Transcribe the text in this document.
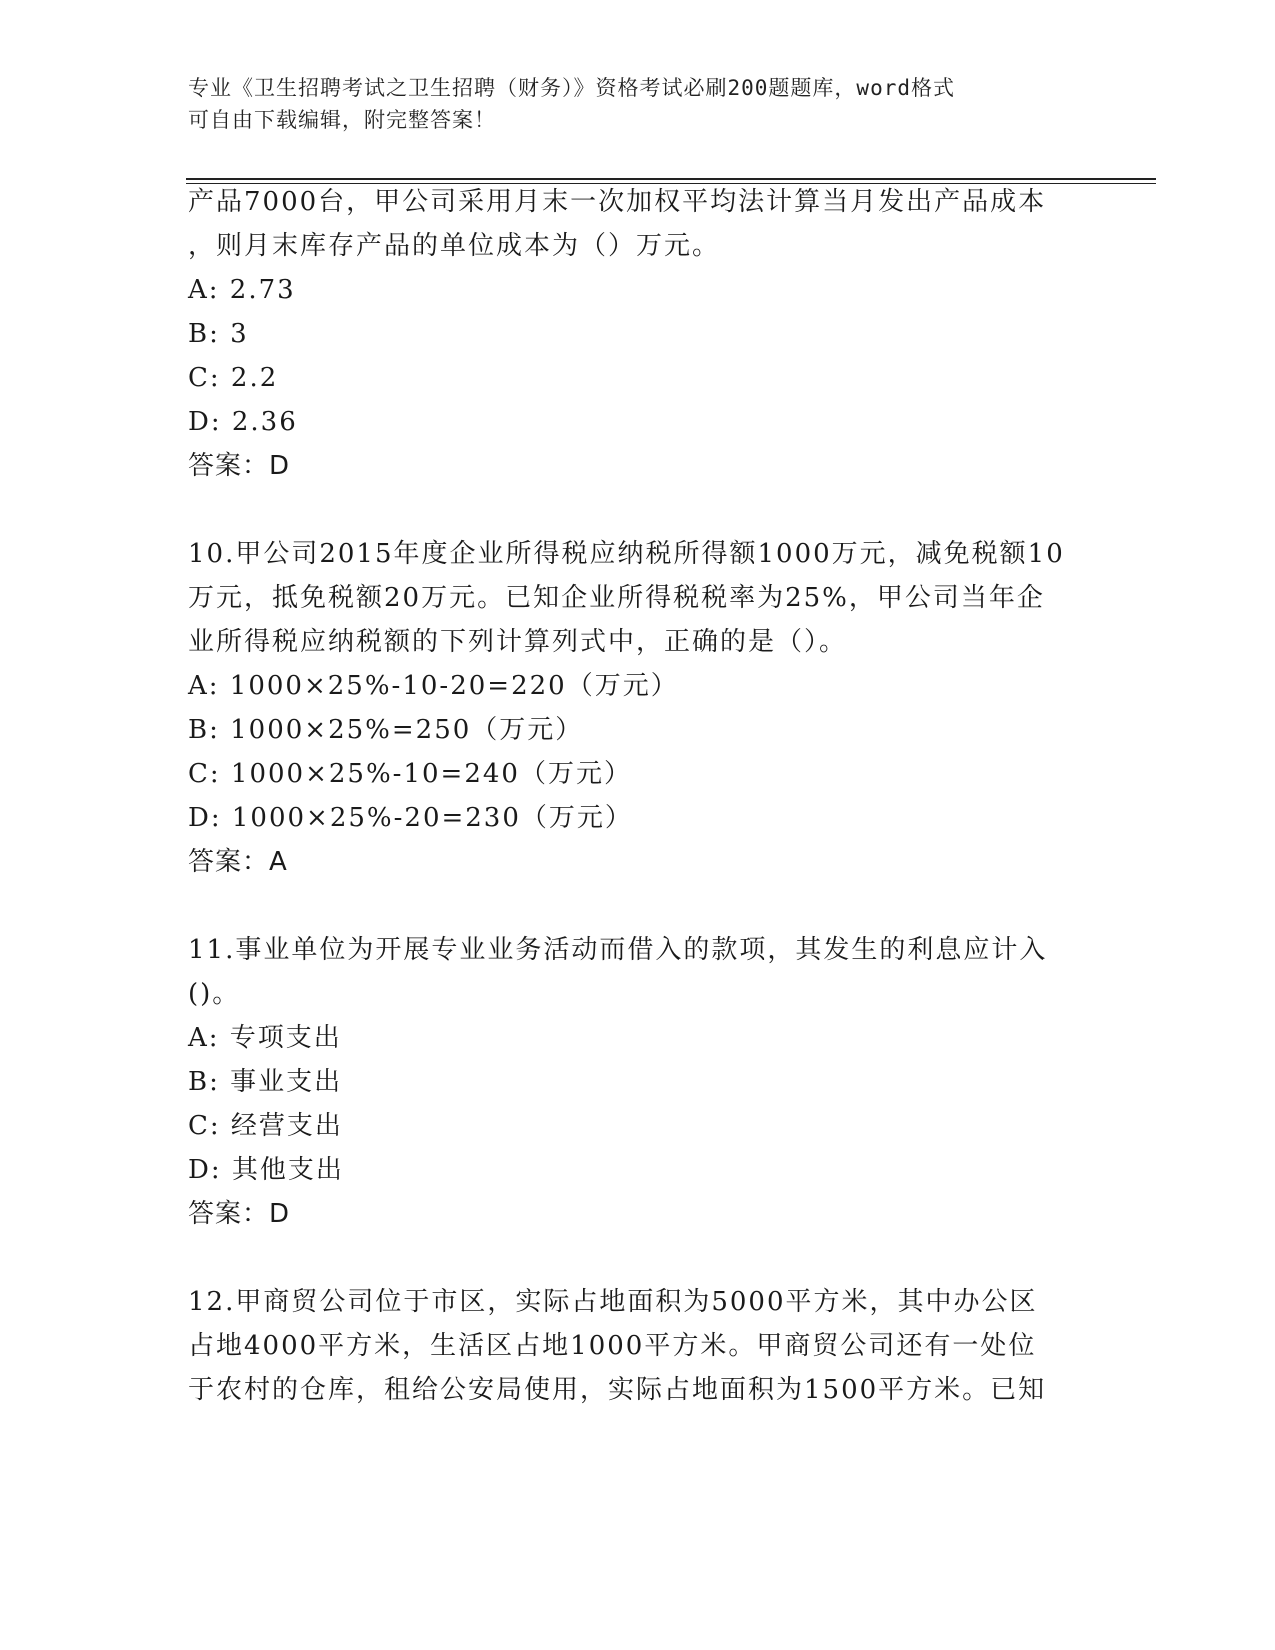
专业《卫生招聘考试之卫生招聘（财务）》资格考试必刷200题题库，word格式
可自由下载编辑，附完整答案！
产品7000台，甲公司采用月末一次加权平均法计算当月发出产品成本
，则月末库存产品的单位成本为（）万元。
A: 2.73
B: 3
C: 2.2
D: 2.36
答案：D
10.甲公司2015年度企业所得税应纳税所得额1000万元，减免税额10
万元，抵免税额20万元。已知企业所得税税率为25%，甲公司当年企
业所得税应纳税额的下列计算列式中，正确的是（）。
A: 1000×25%-10-20=220（万元）
B: 1000×25%=250（万元）
C: 1000×25%-10=240（万元）
D: 1000×25%-20=230（万元）
答案：A
11.事业单位为开展专业业务活动而借入的款项，其发生的利息应计入
()。
A: 专项支出
B: 事业支出
C: 经营支出
D: 其他支出
答案：D
12.甲商贸公司位于市区，实际占地面积为5000平方米，其中办公区
占地4000平方米，生活区占地1000平方米。甲商贸公司还有一处位
于农村的仓库，租给公安局使用，实际占地面积为1500平方米。已知
